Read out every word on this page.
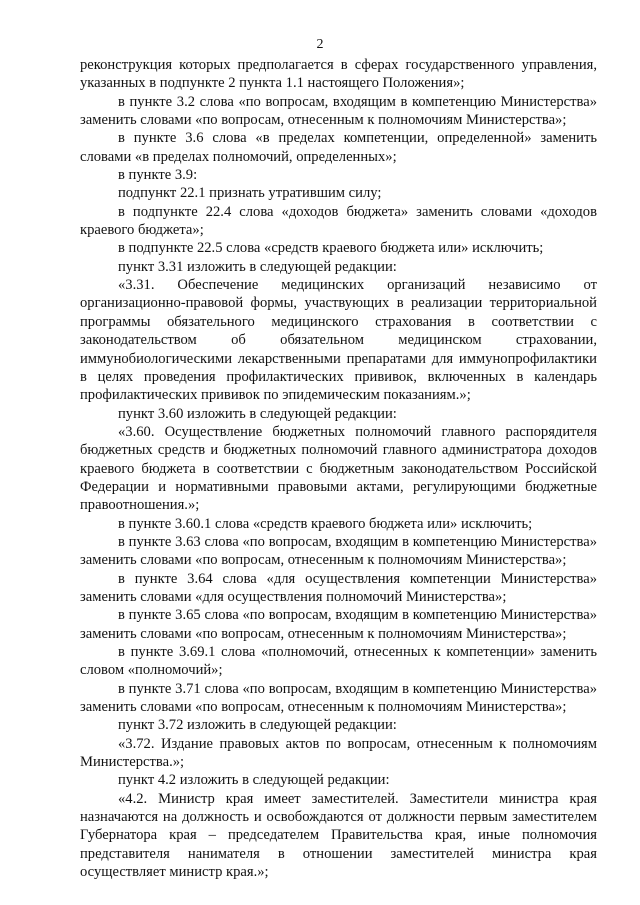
2

реконструкция которых предполагается в сферах государственного управления, указанных в подпункте 2 пункта 1.1 настоящего Положения»;

в пункте 3.2 слова «по вопросам, входящим в компетенцию Министерства» заменить словами «по вопросам, отнесенным к полномочиям Министерства»;

в пункте 3.6 слова «в пределах компетенции, определенной» заменить словами «в пределах полномочий, определенных»;

в пункте 3.9:

подпункт 22.1 признать утратившим силу;

в подпункте 22.4 слова «доходов бюджета» заменить словами «доходов краевого бюджета»;

в подпункте 22.5 слова «средств краевого бюджета или» исключить;

пункт 3.31 изложить в следующей редакции:

«3.31. Обеспечение медицинских организаций независимо от организационно-правовой формы, участвующих в реализации территориальной программы обязательного медицинского страхования в соответствии с законодательством об обязательном медицинском страховании, иммунобиологическими лекарственными препаратами для иммунопрофилактики в целях проведения профилактических прививок, включенных в календарь профилактических прививок по эпидемическим показаниям.»;

пункт 3.60 изложить в следующей редакции:

«3.60. Осуществление бюджетных полномочий главного распорядителя бюджетных средств и бюджетных полномочий главного администратора доходов краевого бюджета в соответствии с бюджетным законодательством Российской Федерации и нормативными правовыми актами, регулирующими бюджетные правоотношения.»;

в пункте 3.60.1 слова «средств краевого бюджета или» исключить;

в пункте 3.63 слова «по вопросам, входящим в компетенцию Министерства» заменить словами «по вопросам, отнесенным к полномочиям Министерства»;

в пункте 3.64 слова «для осуществления компетенции Министерства» заменить словами «для осуществления полномочий Министерства»;

в пункте 3.65 слова «по вопросам, входящим в компетенцию Министерства» заменить словами «по вопросам, отнесенным к полномочиям Министерства»;

в пункте 3.69.1 слова «полномочий, отнесенных к компетенции» заменить словом «полномочий»;

в пункте 3.71 слова «по вопросам, входящим в компетенцию Министерства» заменить словами «по вопросам, отнесенным к полномочиям Министерства»;

пункт 3.72 изложить в следующей редакции:

«3.72. Издание правовых актов по вопросам, отнесенным к полномочиям Министерства.»;

пункт 4.2 изложить в следующей редакции:

«4.2. Министр края имеет заместителей. Заместители министра края назначаются на должность и освобождаются от должности первым заместителем Губернатора края – председателем Правительства края, иные полномочия представителя нанимателя в отношении заместителей министра края осуществляет министр края.»;
